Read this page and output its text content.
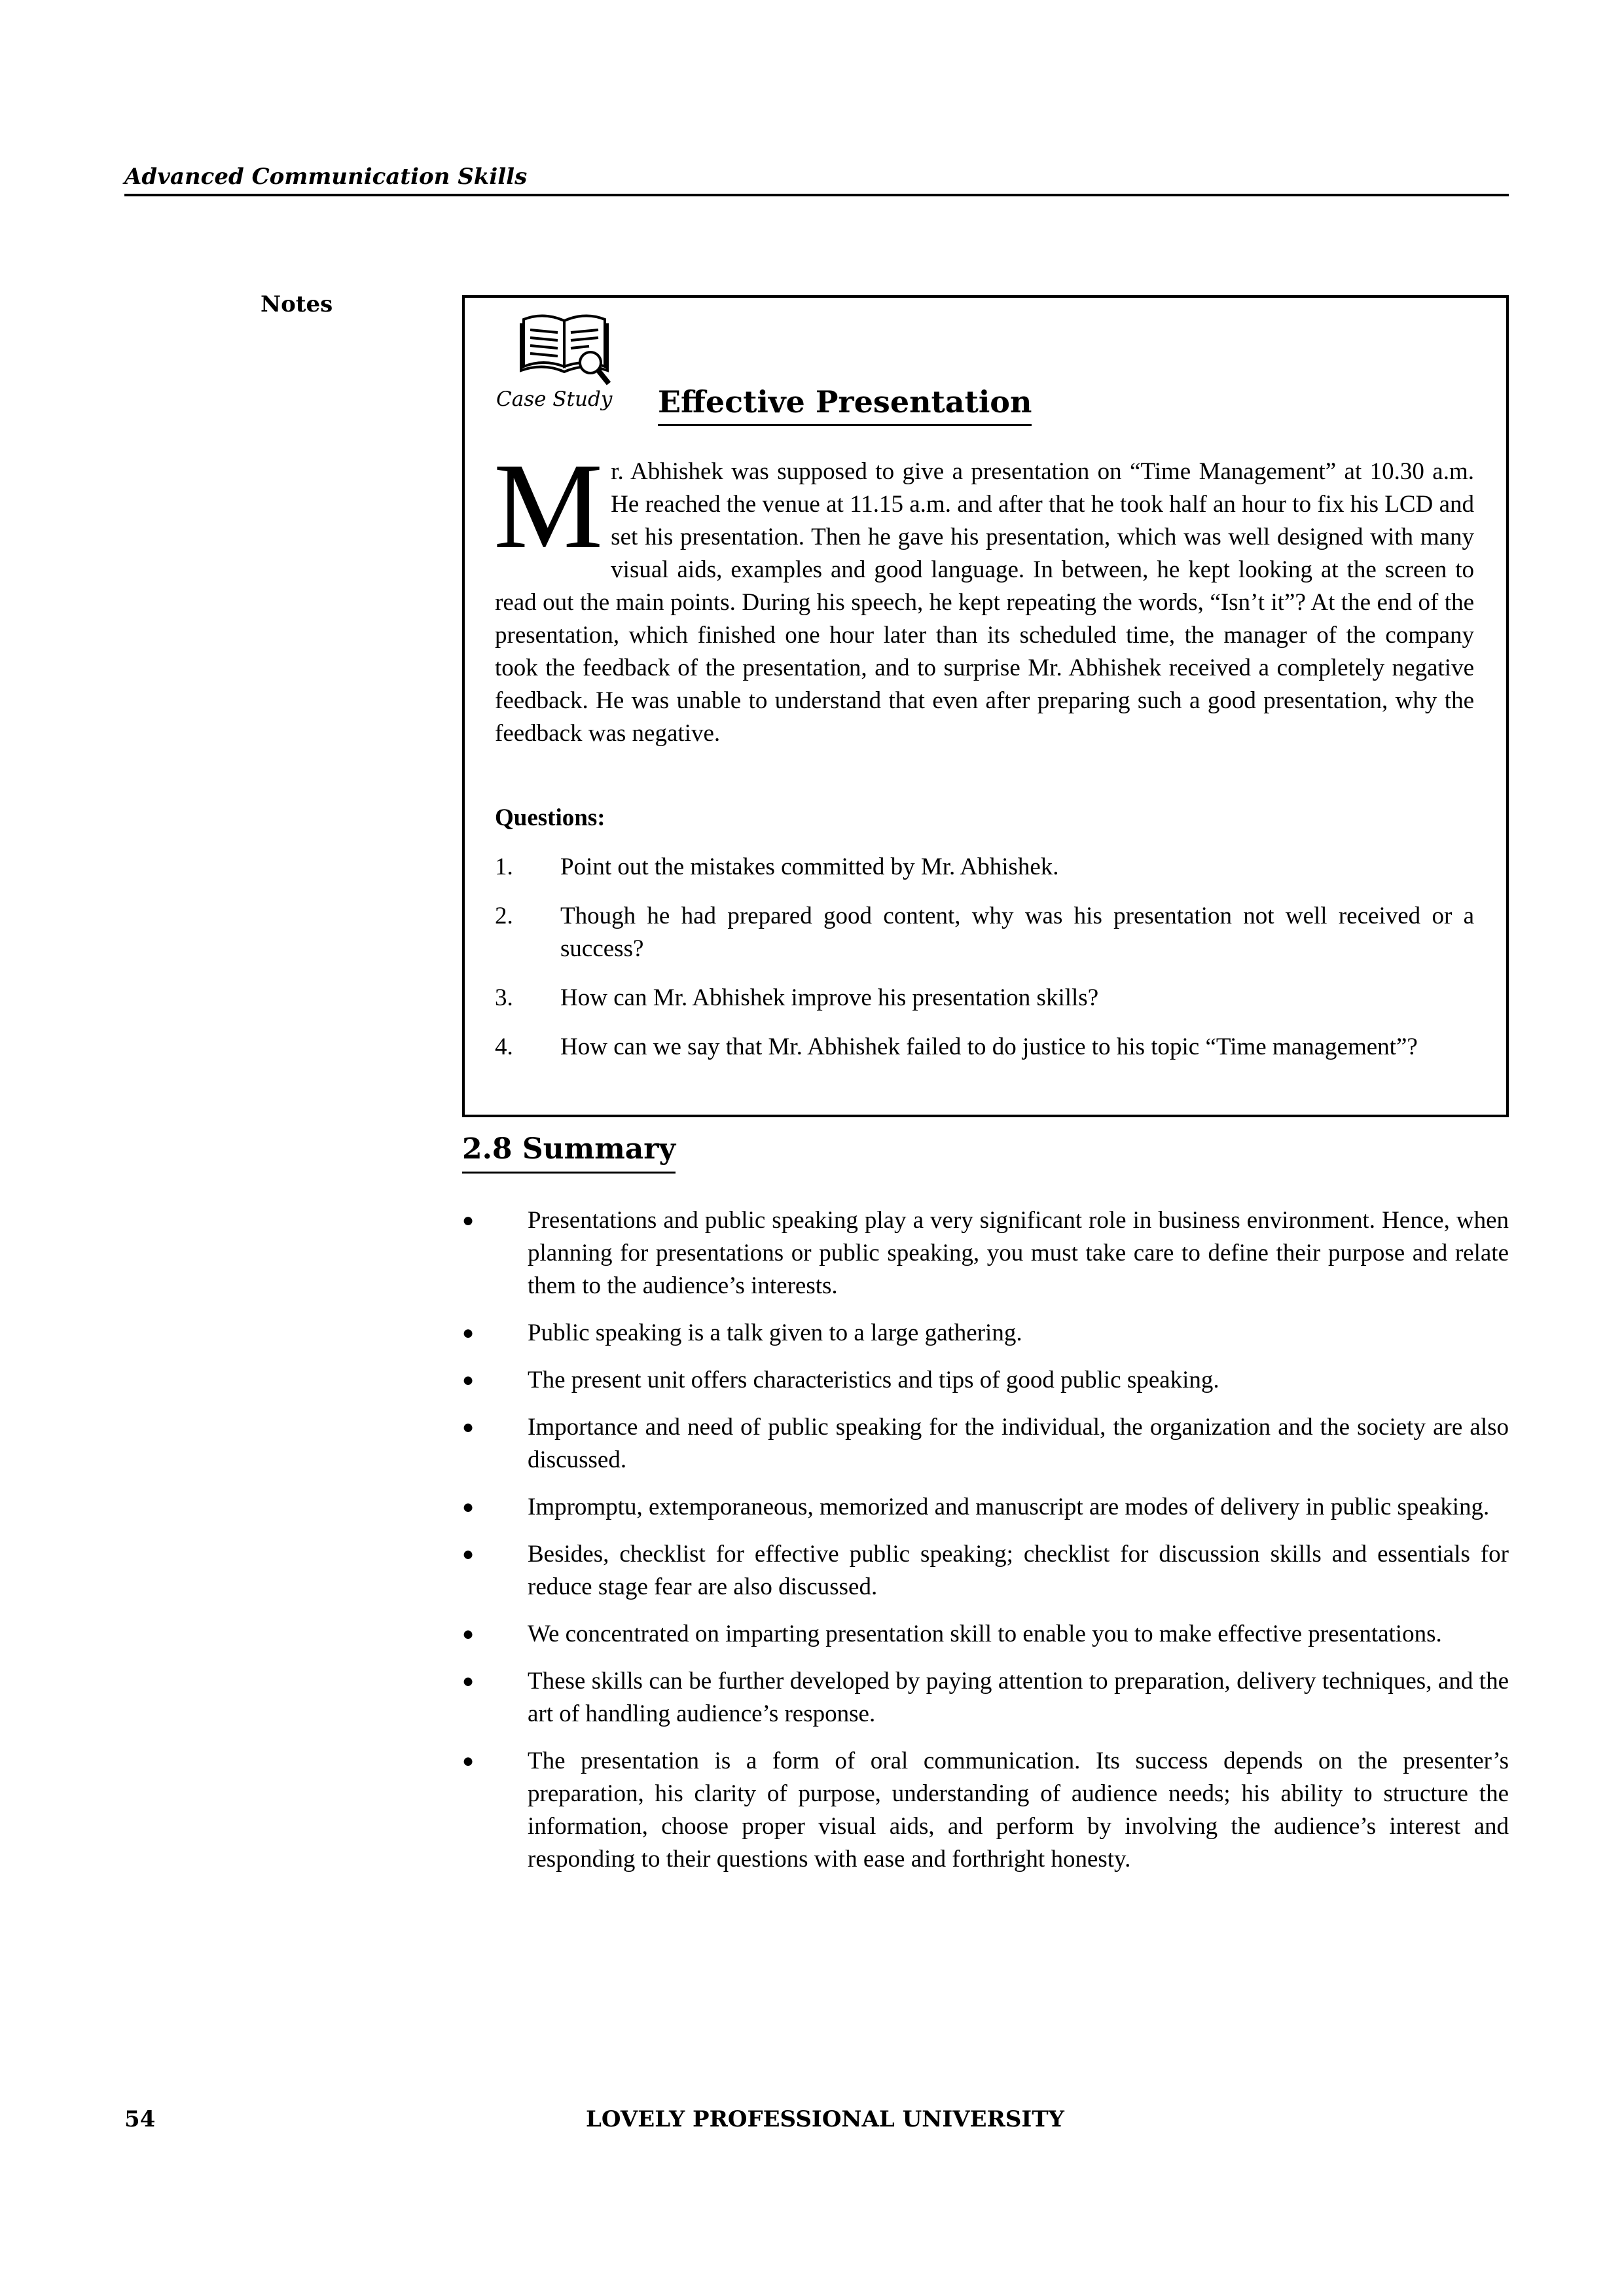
Advanced Communication Skills
Notes
Case Study Effective Presentation
Mr. Abhishek was supposed to give a presentation on “Time Management” at 10.30 a.m. He reached the venue at 11.15 a.m. and after that he took half an hour to fix his LCD and set his presentation. Then he gave his presentation, which was well designed with many visual aids, examples and good language. In between, he kept looking at the screen to read out the main points. During his speech, he kept repeating the words, “Isn’t it”? At the end of the presentation, which finished one hour later than its scheduled time, the manager of the company took the feedback of the presentation, and to surprise Mr. Abhishek received a completely negative feedback. He was unable to understand that even after preparing such a good presentation, why the feedback was negative.
Questions:
1. Point out the mistakes committed by Mr. Abhishek.
2. Though he had prepared good content, why was his presentation not well received or a success?
3. How can Mr. Abhishek improve his presentation skills?
4. How can we say that Mr. Abhishek failed to do justice to his topic “Time management”?
2.8 Summary
● Presentations and public speaking play a very significant role in business environment. Hence, when planning for presentations or public speaking, you must take care to define their purpose and relate them to the audience’s interests.
● Public speaking is a talk given to a large gathering.
● The present unit offers characteristics and tips of good public speaking.
● Importance and need of public speaking for the individual, the organization and the society are also discussed.
● Impromptu, extemporaneous, memorized and manuscript are modes of delivery in public speaking.
● Besides, checklist for effective public speaking; checklist for discussion skills and essentials for reduce stage fear are also discussed.
● We concentrated on imparting presentation skill to enable you to make effective presentations.
● These skills can be further developed by paying attention to preparation, delivery techniques, and the art of handling audience’s response.
● The presentation is a form of oral communication. Its success depends on the presenter’s preparation, his clarity of purpose, understanding of audience needs; his ability to structure the information, choose proper visual aids, and perform by involving the audience’s interest and responding to their questions with ease and forthright honesty.
54	LOVELY PROFESSIONAL UNIVERSITY
